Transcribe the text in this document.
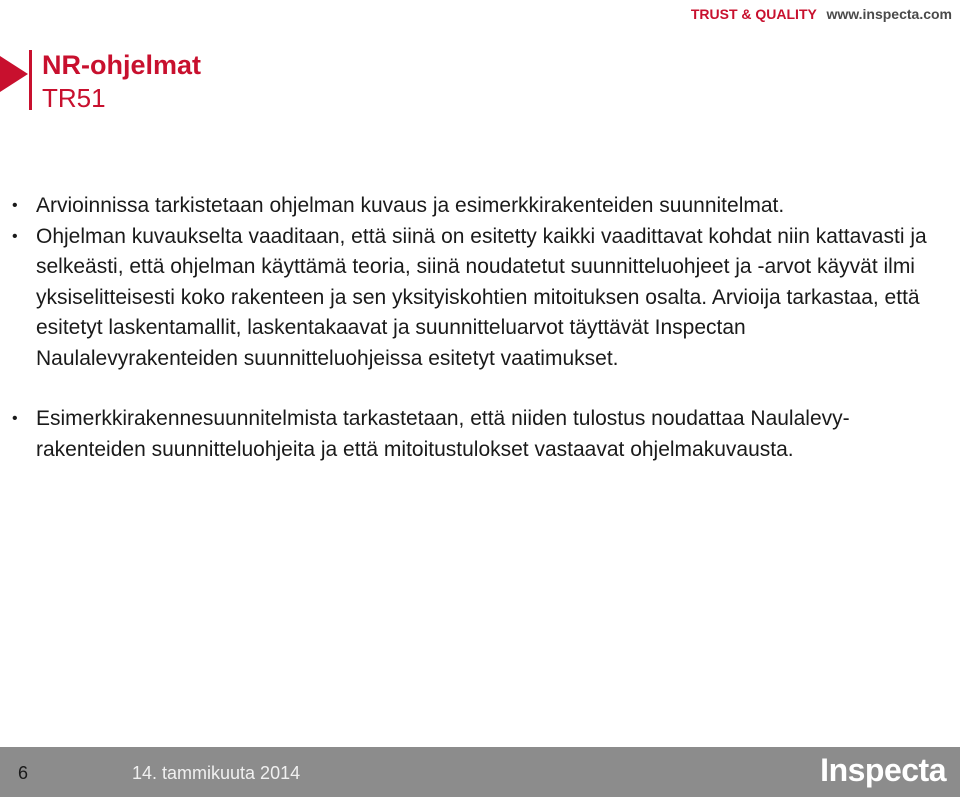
TRUST & QUALITY www.inspecta.com
NR-ohjelmat
TR51
• Arvioinnissa tarkistetaan ohjelman kuvaus ja esimerkkirakenteiden suunnitelmat.
• Ohjelman kuvaukselta vaaditaan, että siinä on esitetty kaikki vaadittavat kohdat niin kattavasti ja selkeästi, että ohjelman käyttämä teoria, siinä noudatetut suunnitteluohjeet ja -arvot käyvät ilmi yksiselitteisesti koko rakenteen ja sen yksityiskohtien mitoituksen osalta. Arvioija tarkastaa, että esitetyt laskentamallit, laskentakaavat ja suunnitteluarvot täyttävät Inspectan Naulalevyrakenteiden suunnitteluohjeissa esitetyt vaatimukset.
• Esimerkkirakennesuunnitelmista tarkastetaan, että niiden tulostus noudattaa Naulalevy-rakenteiden suunnitteluohjeita ja että mitoitustulokset vastaavat ohjelmakuvausta.
6	14. tammikuuta 2014	Inspecta
